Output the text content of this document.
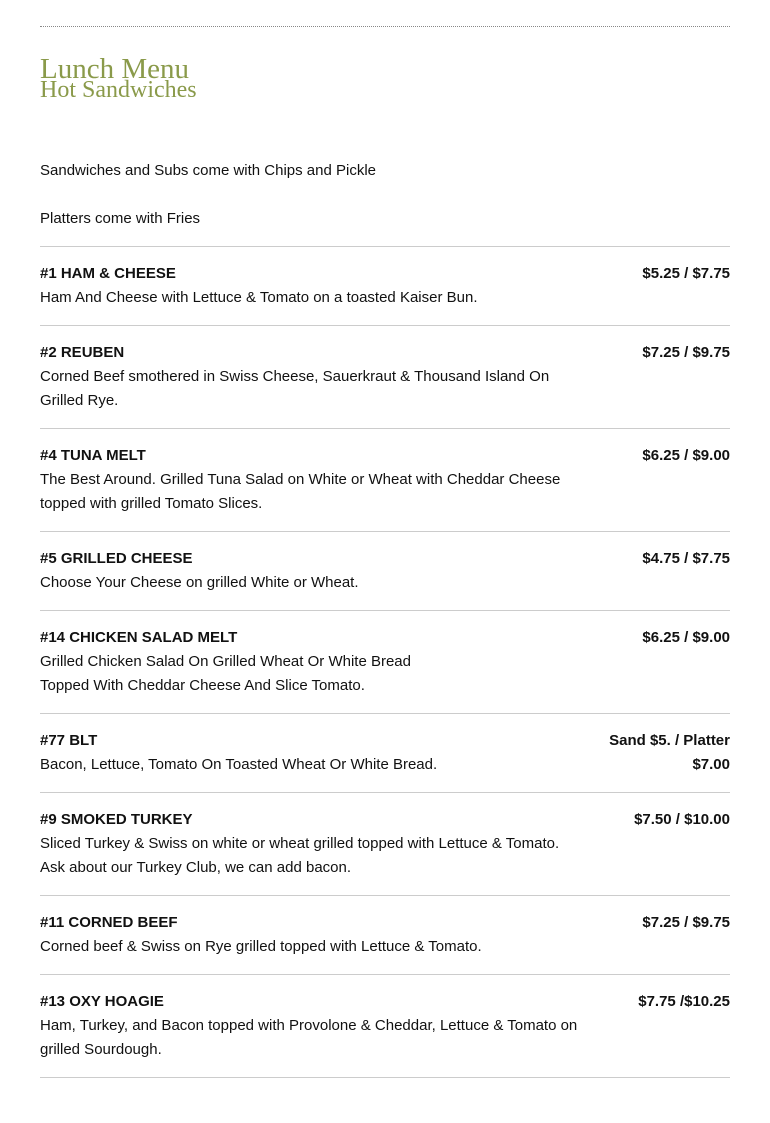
Lunch Menu
Hot Sandwiches

Sandwiches and Subs come with Chips and Pickle

Platters come with Fries

#1 HAM & CHEESE
Ham And Cheese with Lettuce & Tomato on a toasted Kaiser Bun.
$5.25 / $7.75
#2 REUBEN
Corned Beef smothered in Swiss Cheese, Sauerkraut & Thousand Island On Grilled Rye.
$7.25 / $9.75
#4 TUNA MELT
The Best Around. Grilled Tuna Salad on White or Wheat with Cheddar Cheese topped with grilled Tomato Slices.
$6.25 / $9.00
#5 GRILLED CHEESE
Choose Your Cheese on grilled White or Wheat.
$4.75 / $7.75
#14 CHICKEN SALAD MELT
Grilled Chicken Salad On Grilled Wheat Or White Bread
Topped With Cheddar Cheese And Slice Tomato.
$6.25 / $9.00
#77 BLT
Bacon, Lettuce, Tomato On Toasted Wheat Or White Bread.
Sand $5. / Platter $7.00
#9 SMOKED TURKEY
Sliced Turkey & Swiss on white or wheat grilled topped with Lettuce & Tomato.
Ask about our Turkey Club, we can add bacon.
$7.50 / $10.00
#11 CORNED BEEF
Corned beef & Swiss on Rye grilled topped with Lettuce & Tomato.
$7.25 / $9.75
#13 OXY HOAGIE
Ham, Turkey, and Bacon topped with Provolone & Cheddar, Lettuce & Tomato on grilled Sourdough.
$7.75 /$10.25
